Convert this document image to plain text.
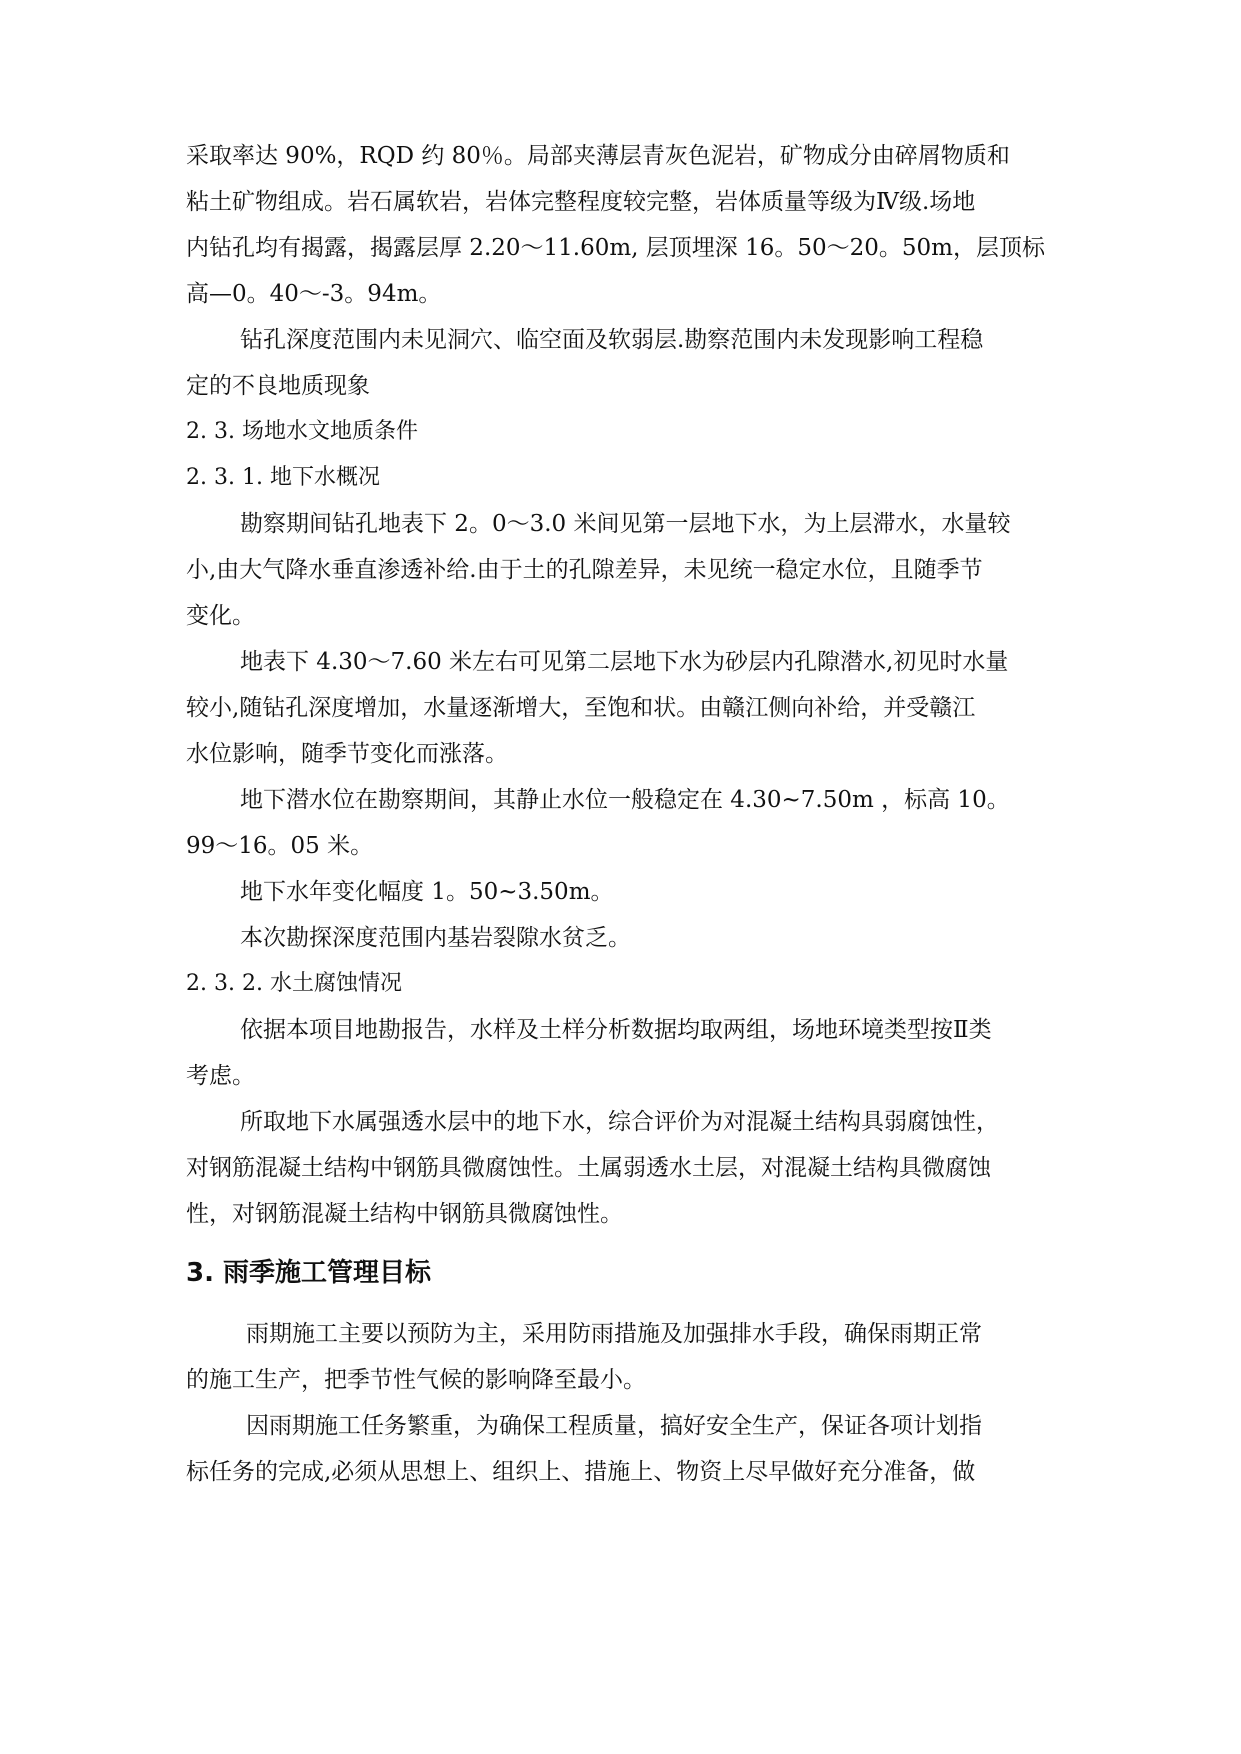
采取率达 90%，RQD 约 80％。局部夹薄层青灰色泥岩，矿物成分由碎屑物质和
粘土矿物组成。岩石属软岩，岩体完整程度较完整，岩体质量等级为Ⅳ级.场地
内钻孔均有揭露，揭露层厚 2.20～11.60m, 层顶埋深 16。50～20。50m，层顶标
高—0。40～-3。94m。
钻孔深度范围内未见洞穴、临空面及软弱层.勘察范围内未发现影响工程稳
定的不良地质现象
2. 3. 场地水文地质条件
2. 3. 1. 地下水概况
勘察期间钻孔地表下 2。0～3.0 米间见第一层地下水，为上层滞水，水量较
小,由大气降水垂直渗透补给.由于土的孔隙差异，未见统一稳定水位，且随季节
变化。
地表下 4.30～7.60 米左右可见第二层地下水为砂层内孔隙潜水,初见时水量
较小,随钻孔深度增加，水量逐渐增大，至饱和状。由赣江侧向补给，并受赣江
水位影响，随季节变化而涨落。
地下潜水位在勘察期间，其静止水位一般稳定在 4.30~7.50m ，标高 10。
99～16。05 米。
地下水年变化幅度 1。50~3.50m。
本次勘探深度范围内基岩裂隙水贫乏。
2. 3. 2. 水土腐蚀情况
依据本项目地勘报告，水样及土样分析数据均取两组，场地环境类型按Ⅱ类
考虑。
所取地下水属强透水层中的地下水，综合评价为对混凝土结构具弱腐蚀性，
对钢筋混凝土结构中钢筋具微腐蚀性。土属弱透水土层，对混凝土结构具微腐蚀
性，对钢筋混凝土结构中钢筋具微腐蚀性。
3. 雨季施工管理目标
雨期施工主要以预防为主，采用防雨措施及加强排水手段，确保雨期正常
的施工生产，把季节性气候的影响降至最小。
因雨期施工任务繁重，为确保工程质量，搞好安全生产，保证各项计划指
标任务的完成,必须从思想上、组织上、措施上、物资上尽早做好充分准备，做
